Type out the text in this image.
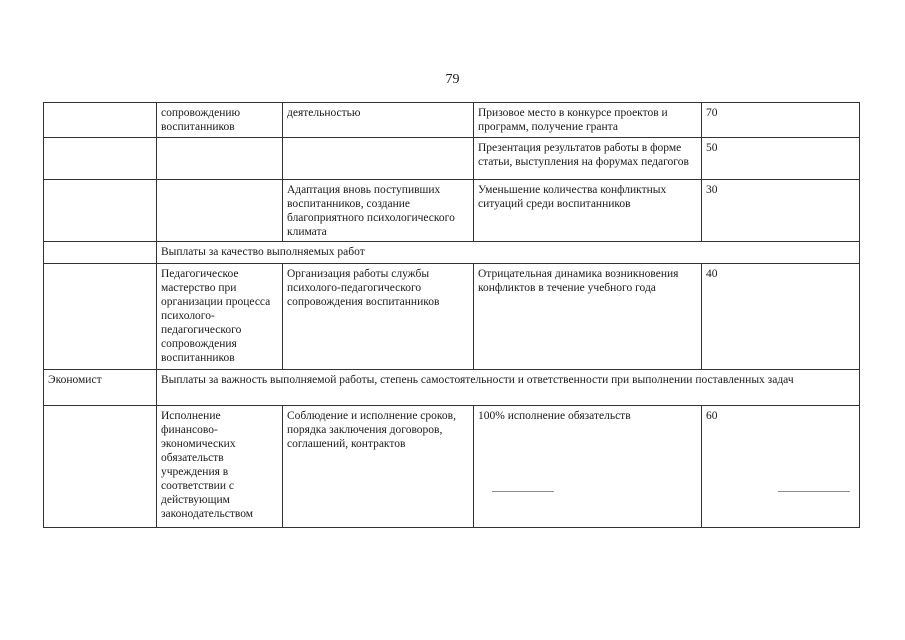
79
	сопровождению воспитанников	деятельностью	Призовое место в конкурсе проектов и программ, получение гранта	70
			Презентация результатов работы в форме статьи, выступления на форумах педагогов	50
		Адаптация вновь поступивших воспитанников, создание благоприятного психологического климата	Уменьшение количества конфликтных ситуаций среди воспитанников	30
	Выплаты за качество выполняемых работ			
	Педагогическое мастерство при организации процесса психолого-педагогического сопровождения воспитанников	Организация работы службы психолого-педагогического сопровождения воспитанников	Отрицательная динамика возникновения конфликтов в течение учебного года	40
Экономист	Выплаты за важность выполняемой работы, степень самостоятельности и ответственности при выполнении поставленных задач			
	Исполнение финансово-экономических обязательств учреждения в соответствии с действующим законодательством	Соблюдение и исполнение сроков, порядка заключения договоров, соглашений, контрактов	100% исполнение обязательств	60
